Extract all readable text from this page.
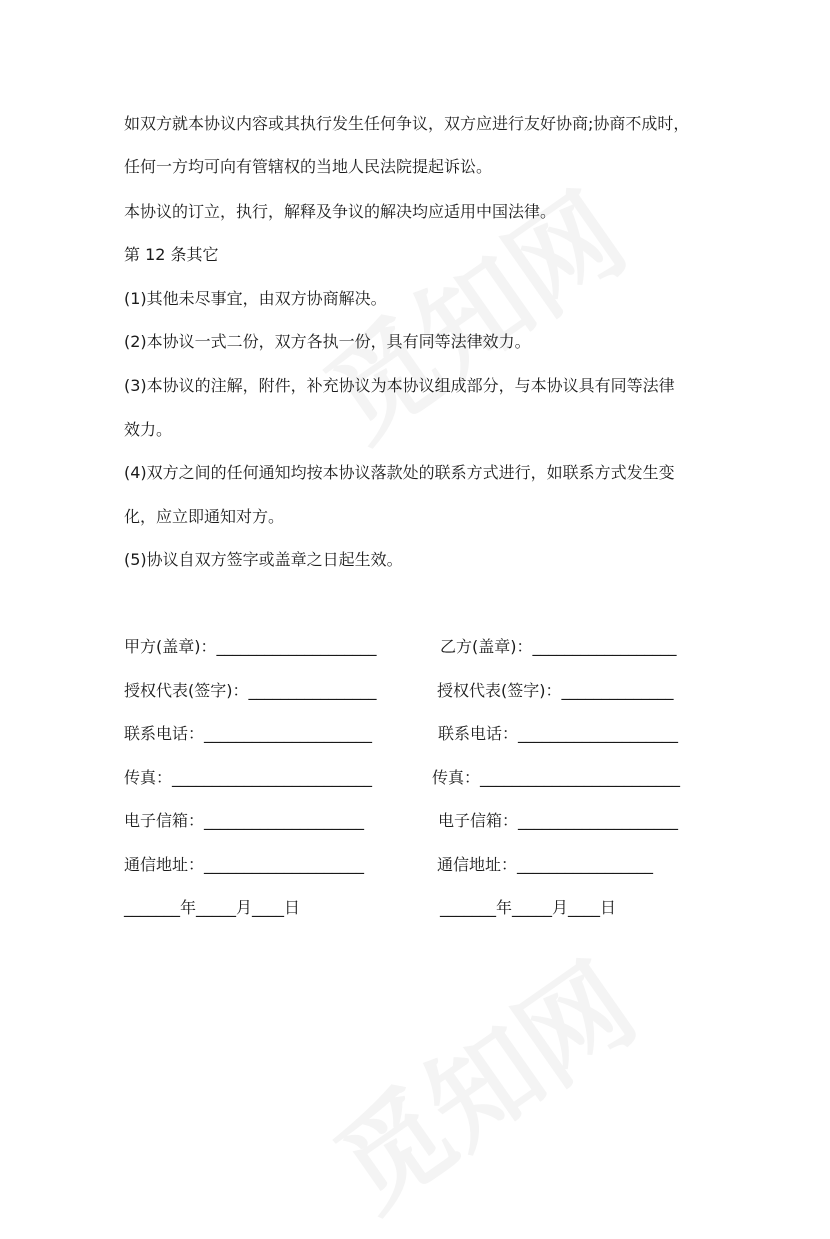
如双方就本协议内容或其执行发生任何争议，双方应进行友好协商;协商不成时，
任何一方均可向有管辖权的当地人民法院提起诉讼。
本协议的订立，执行，解释及争议的解决均应适用中国法律。
第 12 条其它
(1)其他未尽事宜，由双方协商解决。
(2)本协议一式二份，双方各执一份，具有同等法律效力。
(3)本协议的注解，附件，补充协议为本协议组成部分，与本协议具有同等法律
效力。
(4)双方之间的任何通知均按本协议落款处的联系方式进行，如联系方式发生变
化，应立即通知对方。
(5)协议自双方签字或盖章之日起生效。
甲方(盖章)：____________________
授权代表(签字)：________________
联系电话：_____________________
传真：_________________________
电子信箱：____________________
通信地址：____________________
_______年_____月____日
乙方(盖章)：__________________
授权代表(签字)：______________
联系电话：____________________
传真：_________________________
电子信箱：____________________
通信地址：_________________
_______年_____月____日
